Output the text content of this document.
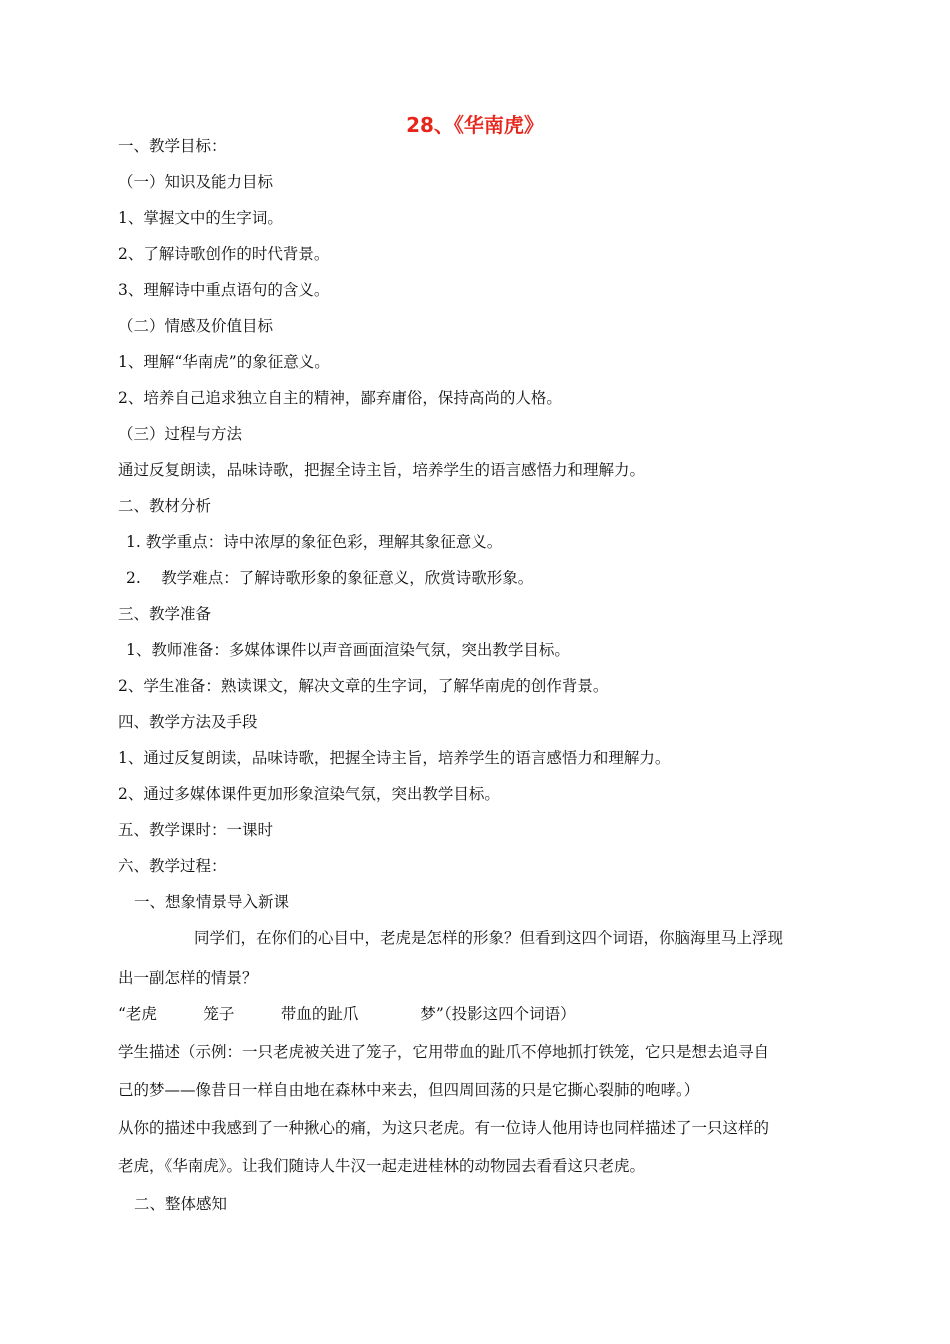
28、《华南虎》
一、教学目标：
（一）知识及能力目标
1、掌握文中的生字词。
2、了解诗歌创作的时代背景。
3、理解诗中重点语句的含义。
（二）情感及价值目标
1、理解“华南虎”的象征意义。
2、培养自己追求独立自主的精神，鄙弃庸俗，保持高尚的人格。
（三）过程与方法
通过反复朗读，品味诗歌，把握全诗主旨，培养学生的语言感悟力和理解力。
二、教材分析
1. 教学重点：诗中浓厚的象征色彩，理解其象征意义。
2.　 教学难点：了解诗歌形象的象征意义，欣赏诗歌形象。
三、教学准备
1、教师准备：多媒体课件以声音画面渲染气氛，突出教学目标。
2、学生准备：熟读课文，解决文章的生字词，了解华南虎的创作背景。
四、教学方法及手段
1、通过反复朗读，品味诗歌，把握全诗主旨，培养学生的语言感悟力和理解力。
2、通过多媒体课件更加形象渲染气氛，突出教学目标。
五、教学课时：一课时
六、教学过程：
一、想象情景导入新课
同学们，在你们的心目中，老虎是怎样的形象？但看到这四个词语，你脑海里马上浮现
出一副怎样的情景？
“老虎　　　笼子　　　带血的趾爪　　　　梦”（投影这四个词语）
学生描述（示例：一只老虎被关进了笼子，它用带血的趾爪不停地抓打铁笼，它只是想去追寻自
己的梦——像昔日一样自由地在森林中来去，但四周回荡的只是它撕心裂肺的咆哮。）
从你的描述中我感到了一种揪心的痛，为这只老虎。有一位诗人他用诗也同样描述了一只这样的
老虎，《华南虎》。让我们随诗人牛汉一起走进桂林的动物园去看看这只老虎。
二、整体感知
